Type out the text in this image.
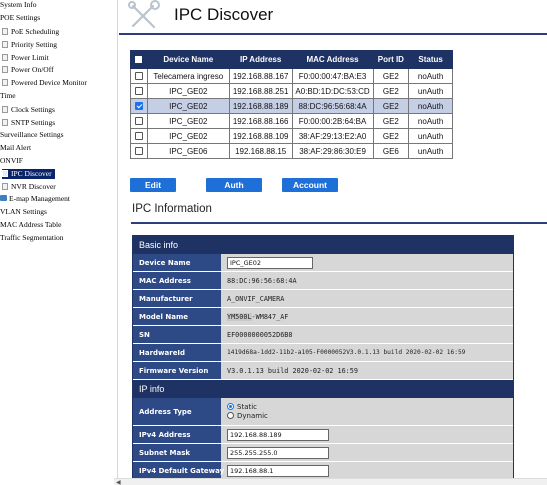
System Info
POE Settings
PoE Scheduling
Priority Setting
Power Limit
Power On/Off
Powered Device Monitor
Time
Clock Settings
SNTP Settings
Surveillance Settings
Mail Alert
ONVIF
IPC Discover
NVR Discover
E-map Management
VLAN Settings
MAC Address Table
Traffic Segmentation
IPC Discover
	Device Name	IP Address	MAC Address	Port ID	Status
	Telecamera ingreso	192.168.88.167	F0:00:00:47:BA:E3	GE2	noAuth
	IPC_GE02	192.168.88.251	A0:BD:1D:DC:53:CD	GE2	unAuth
	IPC_GE02	192.168.88.189	88:DC:96:56:68:4A	GE2	noAuth
	IPC_GE02	192.168.88.166	F0:00:00:2B:64:BA	GE2	noAuth
	IPC_GE02	192.168.88.109	38:AF:29:13:E2:A0	GE2	unAuth
	IPC_GE06	192.168.88.15	38:AF:29:86:30:E9	GE6	unAuth
Edit	Auth	Account
IPC Information
Basic info
Device Name	IPC_GE02
MAC Address	88:DC:96:56:68:4A
Manufacturer	A_ONVIF_CAMERA
Model Name	YM500L-WM847_AF
SN	EF0000000052D6B8
HardwareId	1419d68a-1dd2-11b2-a105-F0000052V3.0.1.13 build 2020-02-02 16:59
Firmware Version	V3.0.1.13 build 2020-02-02 16:59
IP info
Address Type
Static
Dynamic
IPv4 Address	192.168.88.189
Subnet Mask	255.255.255.0
IPv4 Default Gateway 192.168.88.1
◀
